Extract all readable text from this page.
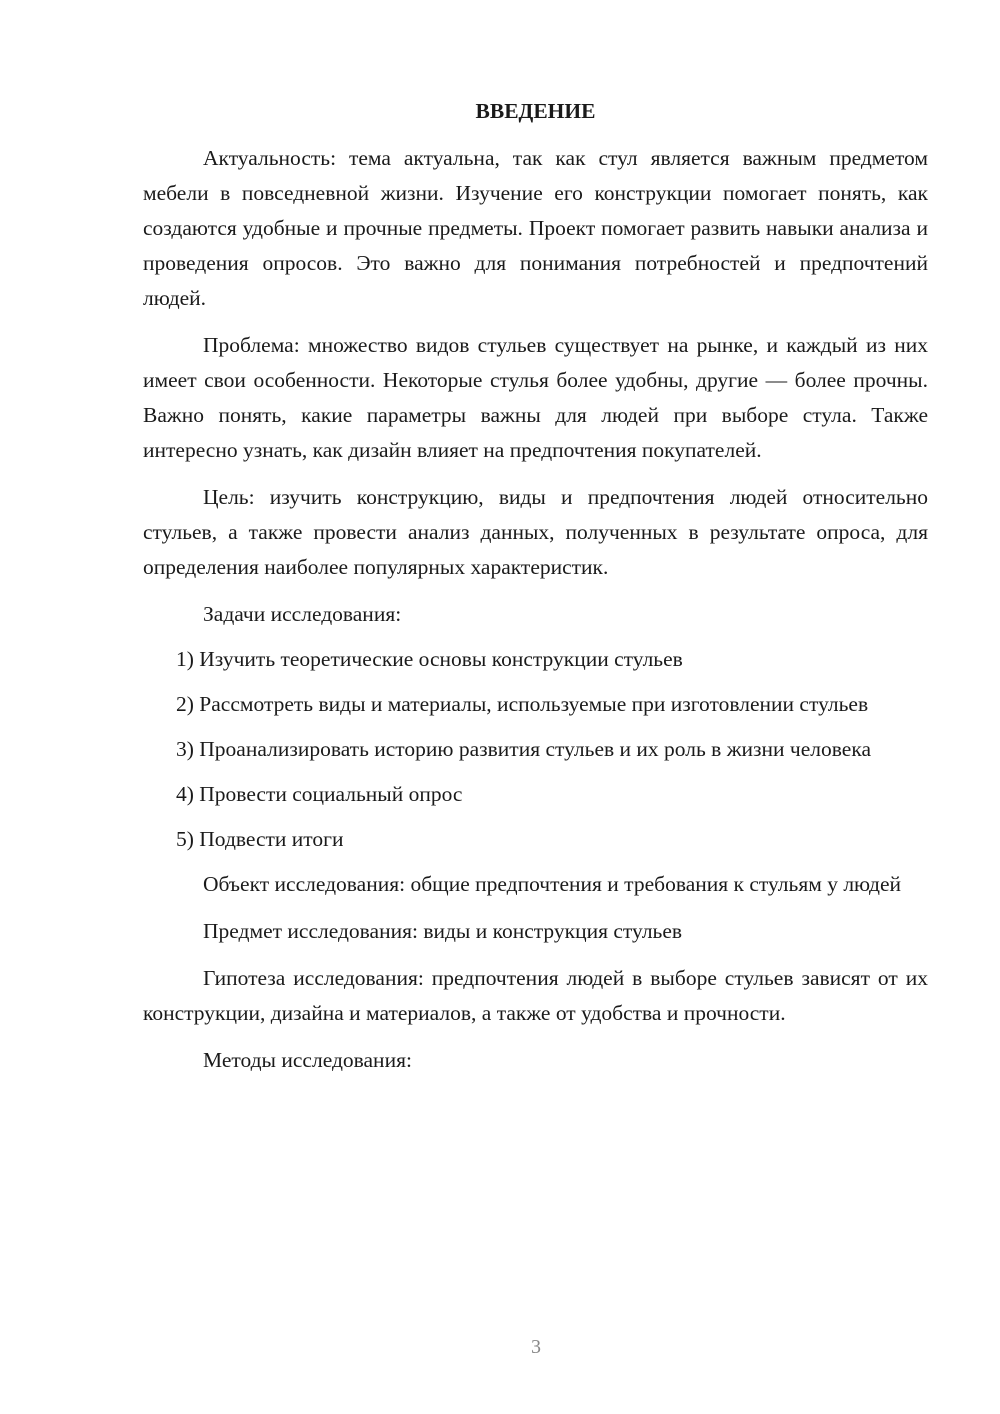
ВВЕДЕНИЕ

Актуальность: тема актуальна, так как стул является важным предметом мебели в повседневной жизни. Изучение его конструкции помогает понять, как создаются удобные и прочные предметы. Проект помогает развить навыки анализа и проведения опросов. Это важно для понимания потребностей и предпочтений людей.

Проблема: множество видов стульев существует на рынке, и каждый из них имеет свои особенности. Некоторые стулья более удобны, другие — более прочны. Важно понять, какие параметры важны для людей при выборе стула. Также интересно узнать, как дизайн влияет на предпочтения покупателей.

Цель: изучить конструкцию, виды и предпочтения людей относительно стульев, а также провести анализ данных, полученных в результате опроса, для определения наиболее популярных характеристик.

Задачи исследования:

1) Изучить теоретические основы конструкции стульев

2) Рассмотреть виды и материалы, используемые при изготовлении стульев

3) Проанализировать историю развития стульев и их роль в жизни человека

4) Провести социальный опрос

5) Подвести итоги

Объект исследования: общие предпочтения и требования к стульям у людей

Предмет исследования: виды и конструкция стульев

Гипотеза исследования: предпочтения людей в выборе стульев зависят от их конструкции, дизайна и материалов, а также от удобства и прочности.

Методы исследования:

3
